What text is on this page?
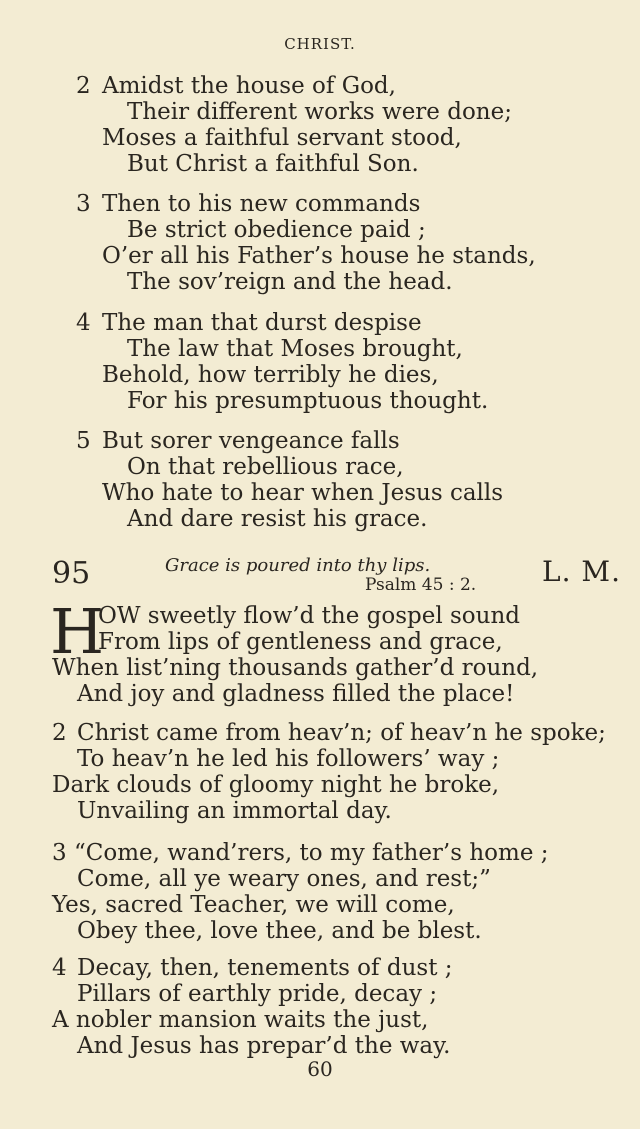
CHRIST.
2 Amidst the house of God,
Their different works were done;
Moses a faithful servant stood,
But Christ a faithful Son.
3 Then to his new commands
Be strict obedience paid ;
O’er all his Father’s house he stands,
The sov’reign and the head.
4 The man that durst despise
The law that Moses brought,
Behold, how terribly he dies,
For his presumptuous thought.
5 But sorer vengeance falls
On that rebellious race,
Who hate to hear when Jesus calls
And dare resist his grace.
95	Grace is poured into thy lips.
Psalm 45 : 2. L. M.
H
OW sweetly flow’d the gospel sound
From lips of gentleness and grace,
When list’ning thousands gather’d round,
And joy and gladness filled the place!
2 Christ came from heav’n; of heav’n he spoke;
To heav’n he led his followers’ way ;
Dark clouds of gloomy night he broke,
Unvailing an immortal day.
3 “Come, wand’rers, to my father’s home ;
Come, all ye weary ones, and rest;”
Yes, sacred Teacher, we will come,
Obey thee, love thee, and be blest.
4 Decay, then, tenements of dust ;
Pillars of earthly pride, decay ;
A nobler mansion waits the just,
And Jesus has prepar’d the way.
60
